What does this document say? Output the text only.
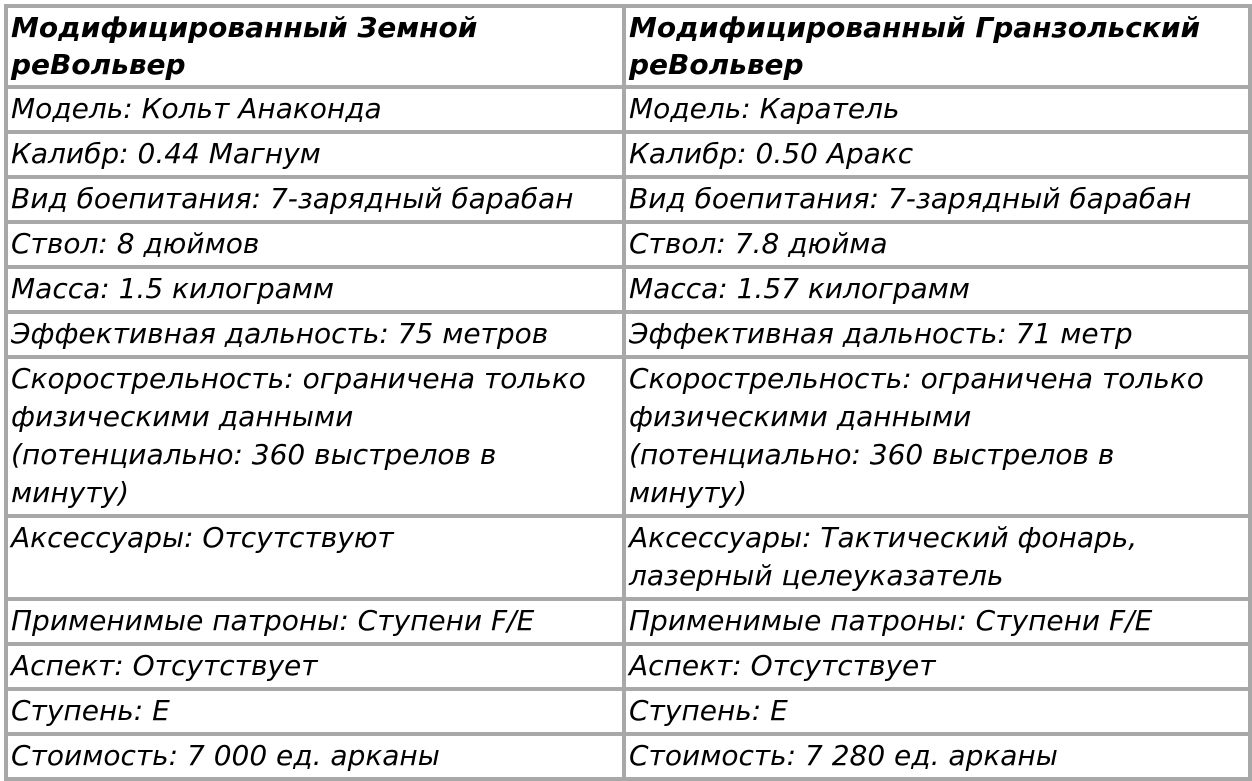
Модифицированный Земной
реВольвер	Модифицированный Гранзольский
реВольвер
Модель: Кольт Анаконда	Модель: Каратель
Калибр: 0.44 Магнум	Калибр: 0.50 Аракс
Вид боепитания: 7-зарядный барабан	Вид боепитания: 7-зарядный барабан
Ствол: 8 дюймов	Ствол: 7.8 дюйма
Масса: 1.5 килограмм	Масса: 1.57 килограмм
Эффективная дальность: 75 метров	Эффективная дальность: 71 метр
Скорострельность: ограничена только
физическими данными
(потенциально: 360 выстрелов в
минуту)	Скорострельность: ограничена только
физическими данными
(потенциально: 360 выстрелов в
минуту)
Аксессуары: Отсутствуют	Аксессуары: Тактический фонарь,
лазерный целеуказатель
Применимые патроны: Ступени F/E	Применимые патроны: Ступени F/E
Аспект: Отсутствует	Аспект: Отсутствует
Ступень: E	Ступень: E
Стоимость: 7 000 ед. арканы	Стоимость: 7 280 ед. арканы
